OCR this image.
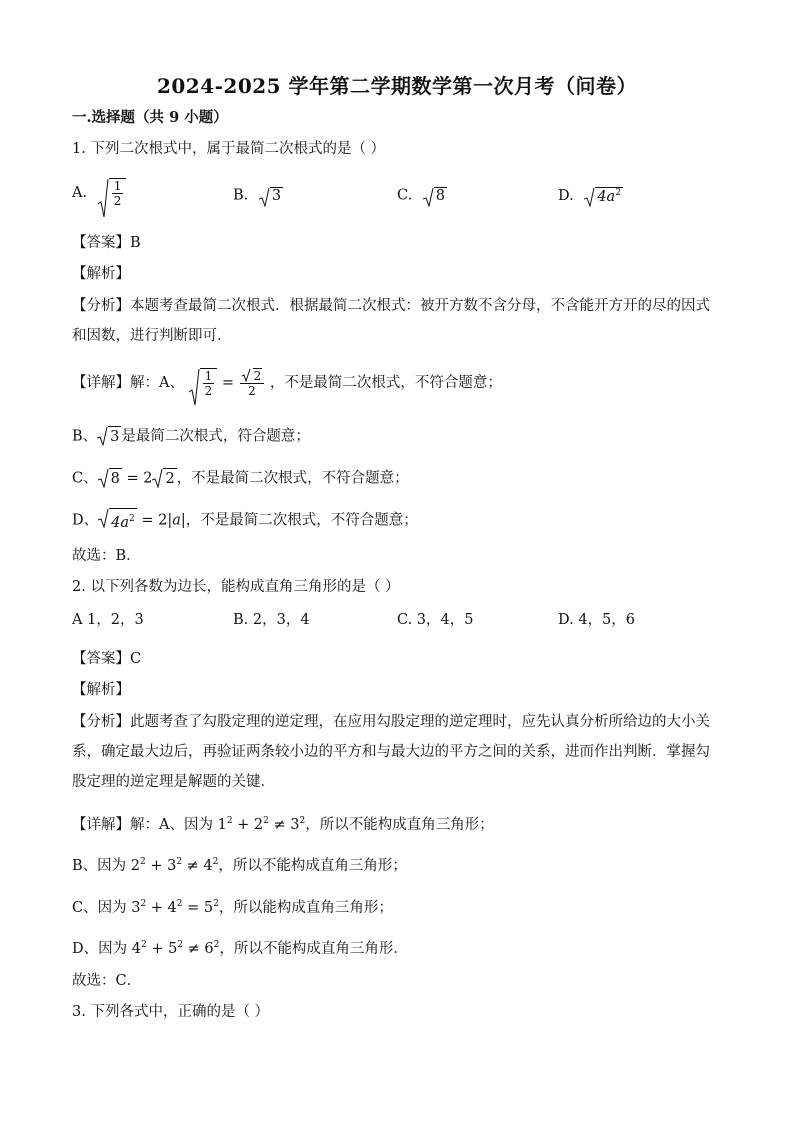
2024-2025 学年第二学期数学第一次月考（问卷）
一.选择题（共 9 小题）
1. 下列二次根式中，属于最简二次根式的是（ ）
A. $\frac{1}{2}$	B. 3	C. 8	D. $4a^2$
【答案】B
【解析】
【分析】本题考查最简二次根式．根据最简二次根式：被开方数不含分母，不含能开方开的尽的因式和因数，进行判断即可．
【详解】解：A、 $\frac{1}{2} = \frac{2}{2}$ ，不是最简二次根式，不符合题意；
B、 3 是最简二次根式，符合题意；
C、 8 = 2 2 ，不是最简二次根式，不符合题意；
D、 $4a^2 = 2|a|$，不是最简二次根式，不符合题意；
故选：B．
2. 以下列各数为边长，能构成直角三角形的是（ ）
A 1，2，3	B. 2，3，4	C. 3，4，5	D. 4，5，6
【答案】C
【解析】
【分析】此题考查了勾股定理的逆定理，在应用勾股定理的逆定理时，应先认真分析所给边的大小关系，确定最大边后，再验证两条较小边的平方和与最大边的平方之间的关系，进而作出判断．掌握勾股定理的逆定理是解题的关键．
【详解】解：A、因为 $1^2 + 2^2 \ne 3^2$，所以不能构成直角三角形；
B、因为 $2^2 + 3^2 \ne 4^2$，所以不能构成直角三角形；
C、因为 $3^2 + 4^2 = 5^2$，所以能构成直角三角形；
D、因为 $4^2 + 5^2 \ne 6^2$，所以不能构成直角三角形．
故选：C．
3. 下列各式中，正确的是（ ）
